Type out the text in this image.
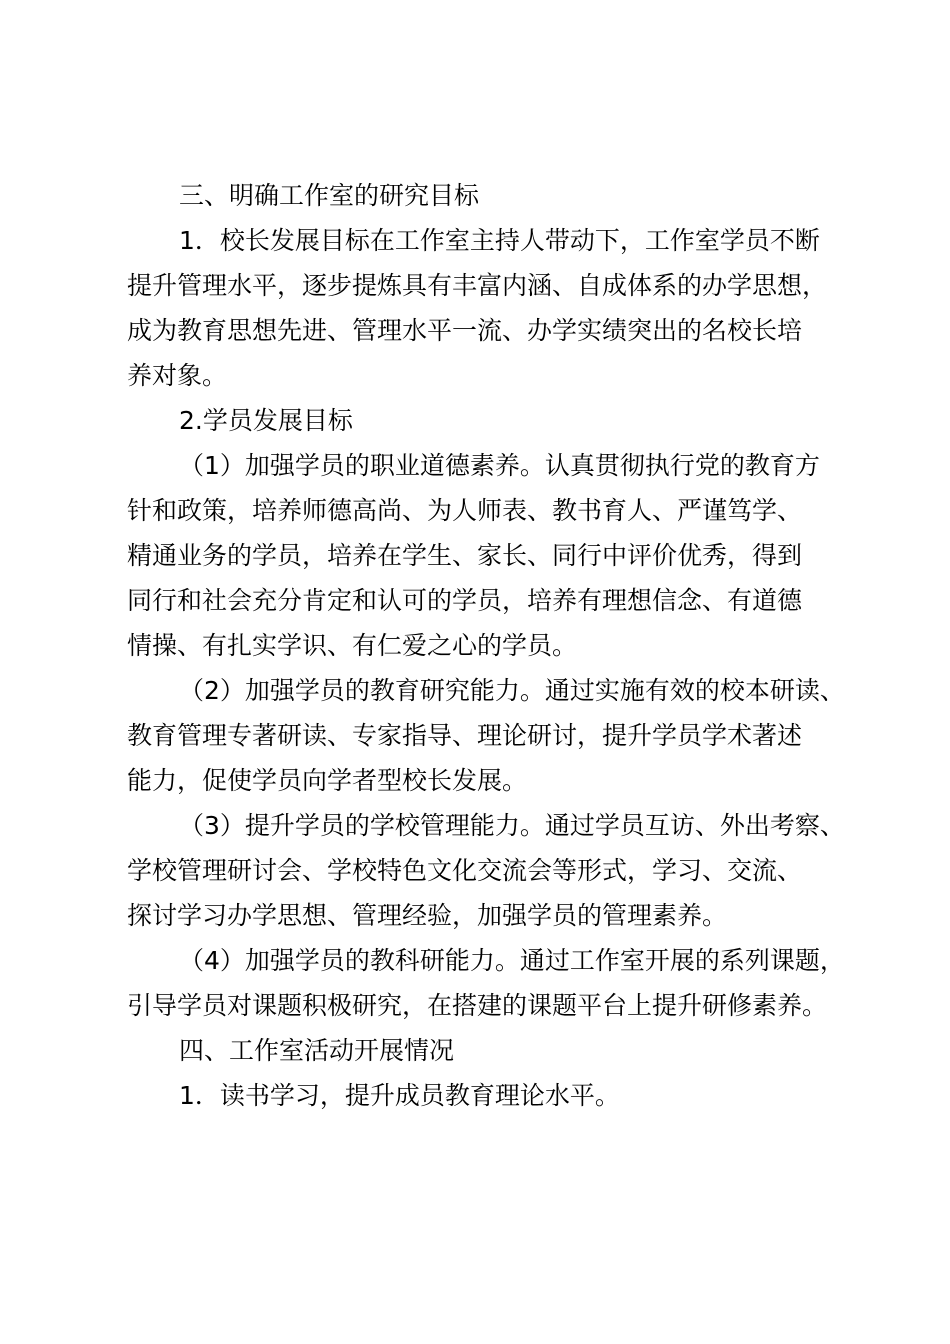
三、明确工作室的研究目标

1．校长发展目标在工作室主持人带动下，工作室学员不断
提升管理水平，逐步提炼具有丰富内涵、自成体系的办学思想，
成为教育思想先进、管理水平一流、办学实绩突出的名校长培
养对象。

2.学员发展目标

（1）加强学员的职业道德素养。认真贯彻执行党的教育方
针和政策，培养师德高尚、为人师表、教书育人、严谨笃学、
精通业务的学员，培养在学生、家长、同行中评价优秀，得到
同行和社会充分肯定和认可的学员，培养有理想信念、有道德
情操、有扎实学识、有仁爱之心的学员。

（2）加强学员的教育研究能力。通过实施有效的校本研读、
教育管理专著研读、专家指导、理论研讨，提升学员学术著述
能力，促使学员向学者型校长发展。

（3）提升学员的学校管理能力。通过学员互访、外出考察、
学校管理研讨会、学校特色文化交流会等形式，学习、交流、
探讨学习办学思想、管理经验，加强学员的管理素养。

（4）加强学员的教科研能力。通过工作室开展的系列课题，
引导学员对课题积极研究，在搭建的课题平台上提升研修素养。

四、工作室活动开展情况

1．读书学习，提升成员教育理论水平。
